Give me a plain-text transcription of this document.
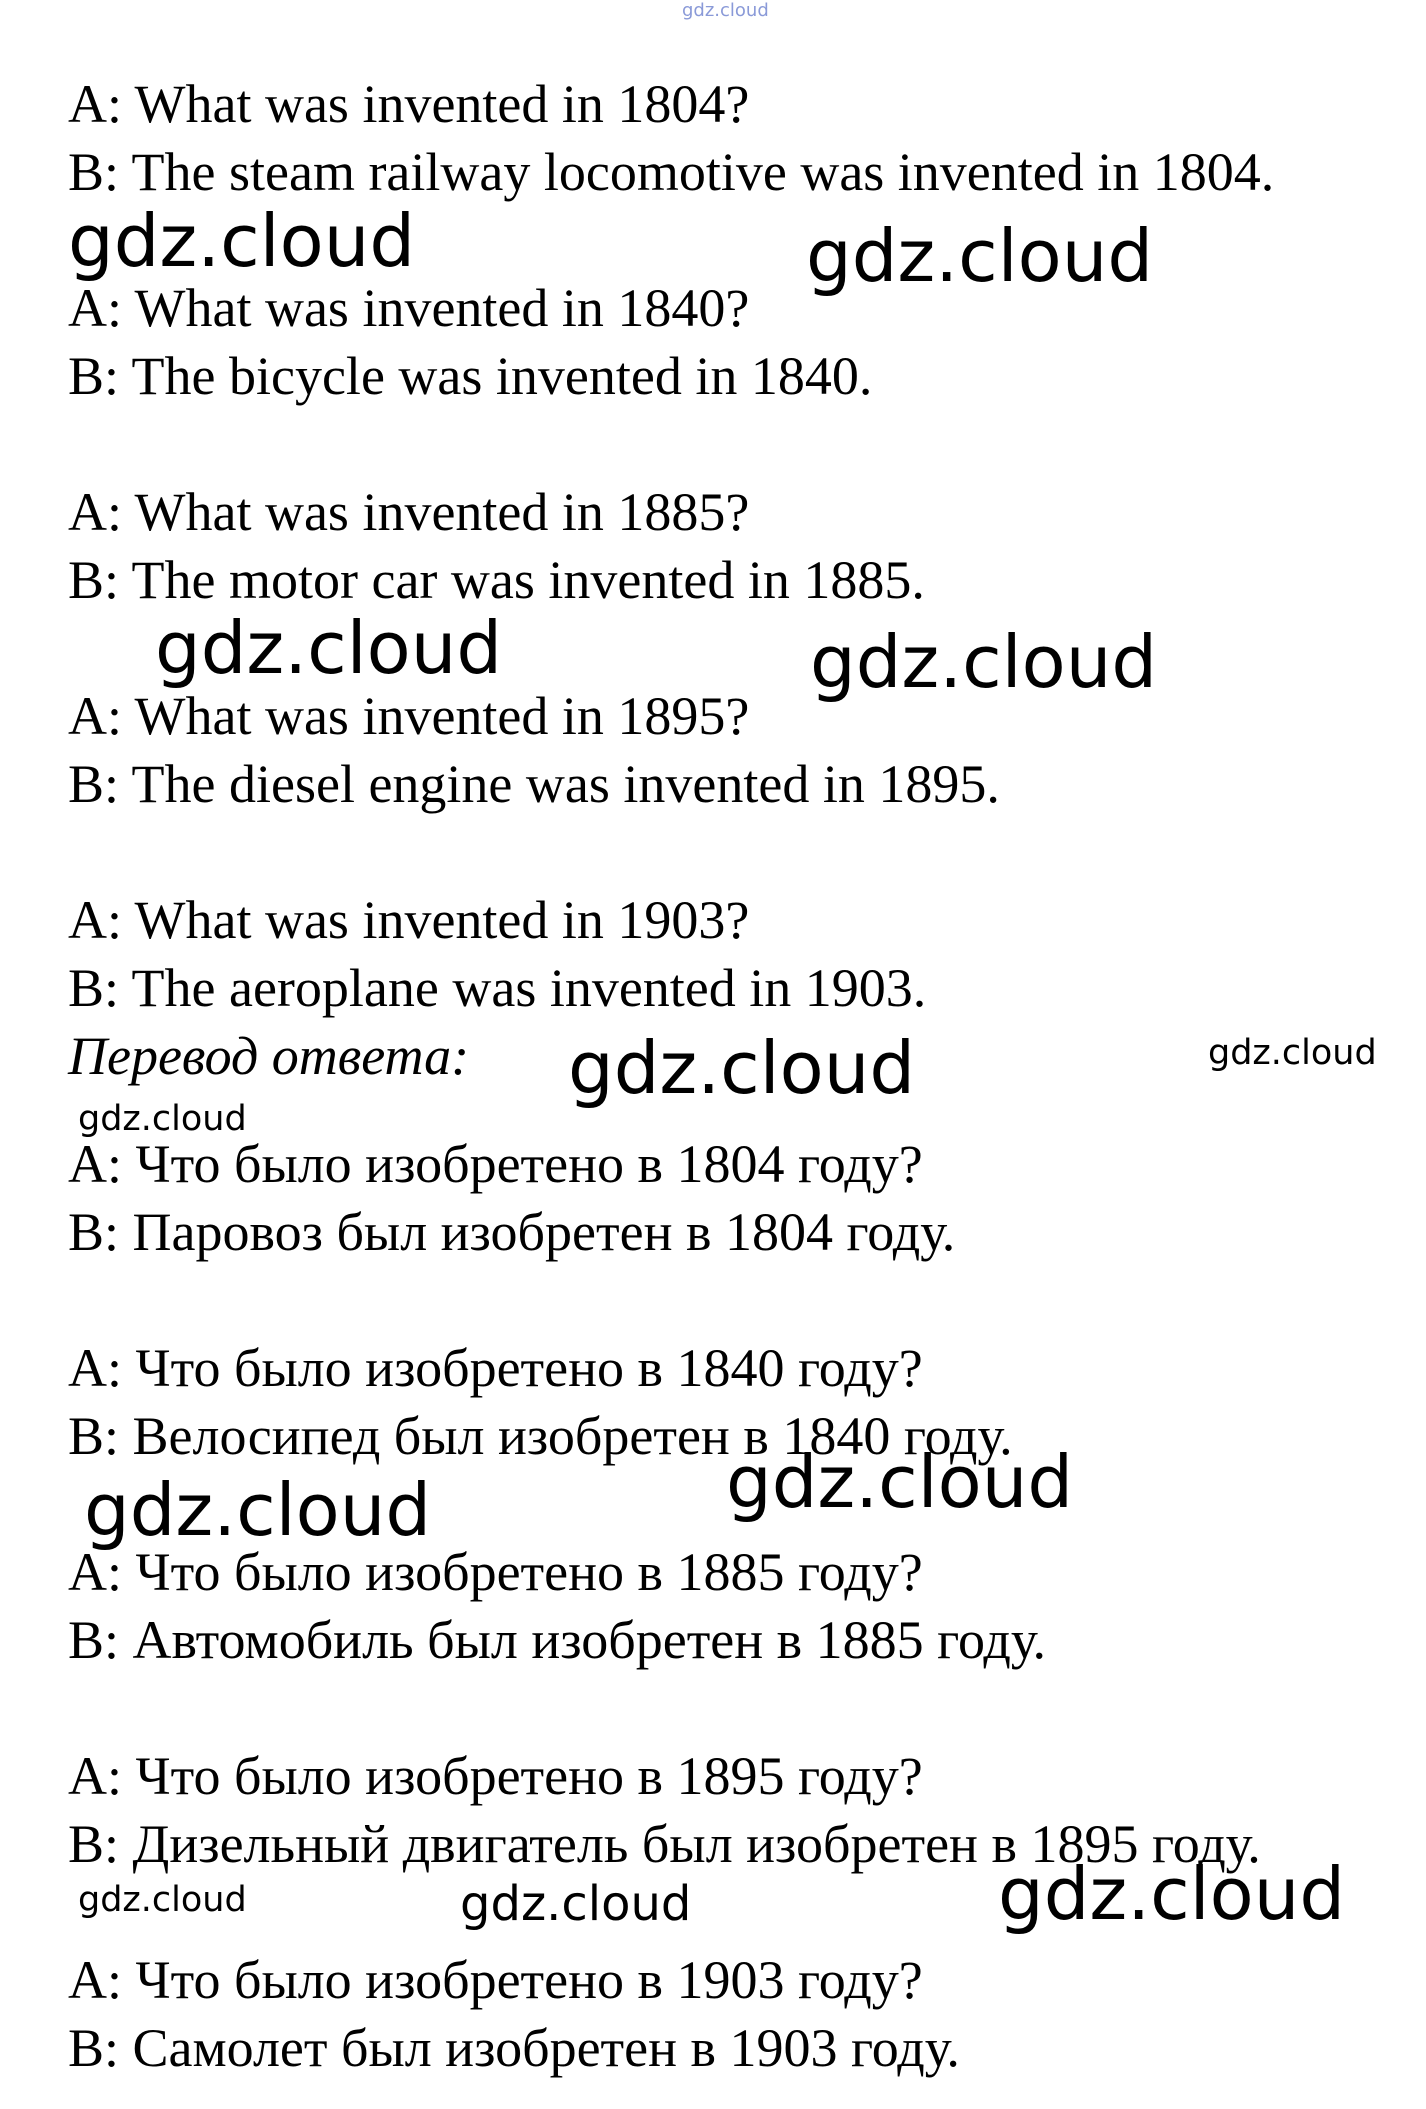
gdz.cloud

A: What was invented in 1804?

B: The steam railway locomotive was invented in 1804.

A: What was invented in 1840?

B: The bicycle was invented in 1840.

A: What was invented in 1885?

B: The motor car was invented in 1885.

A: What was invented in 1895?

B: The diesel engine was invented in 1895.

A: What was invented in 1903?

B: The aeroplane was invented in 1903.

Перевод ответа:

A: Что было изобретено в 1804 году?

B: Паровоз был изобретен в 1804 году.

A: Что было изобретено в 1840 году?

B: Велосипед был изобретен в 1840 году.

A: Что было изобретено в 1885 году?

B: Автомобиль был изобретен в 1885 году.

A: Что было изобретено в 1895 году?

B: Дизельный двигатель был изобретен в 1895 году.

A: Что было изобретено в 1903 году?

B: Самолет был изобретен в 1903 году.

gdz.cloud	gdz.cloud
gdz.cloud	gdz.cloud
gdz.cloud	gdz.cloud
gdz.cloud
gdz.cloud	gdz.cloud
gdz.cloud	gdz.cloud	gdz.cloud
